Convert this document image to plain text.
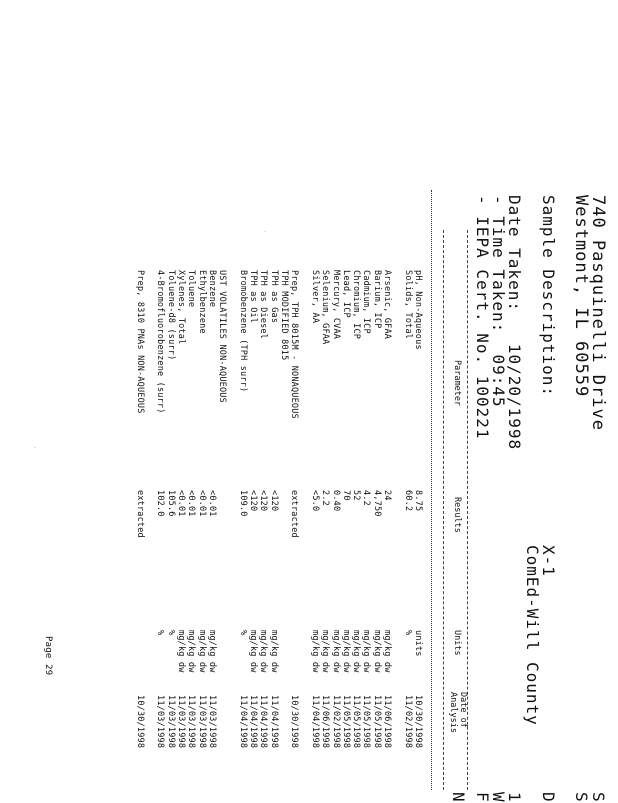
S
S
D
1
W
F
N
740 Pasquinelli Drive
Westmont, IL 60559
Sample Description:
X-1
ComEd-Will County
Date Taken:   10/20/1998
- Time Taken:  09:45
- IEPA Cert. No. 100221
Parameter
Results
Units
Date of Analysis
pH, Non-Aqueous
8.75
units
10/30/1998
Solids, Total
60.2
%
11/02/1998
Arsenic, GFAA
24
mg/kg dw
11/06/1998
Barium, ICP
4,750
mg/kg dw
11/05/1998
Cadmium, ICP
4.2
mg/kg dw
11/05/1998
Chromium, ICP
52
mg/kg dw
11/05/1998
Lead, ICP
70
mg/kg dw
11/05/1998
Mercury, CVAA
0.40
mg/kg dw
11/02/1998
Selenium, GFAA
2.2
mg/kg dw
11/06/1998
Silver, AA
<5.0
mg/kg dw
11/04/1998
Prep, TPH 8015M - NONAQUEOUS
extracted
10/30/1998
TPH MODIFIED 8015
TPH as Gas
<120
mg/kg dw
11/04/1998
TPH as Diesel
<120
mg/kg dw
11/04/1998
TPH as Oil
<120
mg/kg dw
11/04/1998
Bromobenzene (TPH surr)
109.0
%
11/04/1998
UST VOLATILES NON-AQUEOUS
Benzene
<0.01
mg/kg dw
11/03/1998
Ethylbenzene
<0.01
mg/kg dw
11/03/1998
Toluene
<0.01
mg/kg dw
11/03/1998
Xylenes, Total
<0.01
mg/kg dw
11/03/1998
Toluene-d8 (surr)
105.6
%
11/03/1998
4-Bromofluorobenzene (surr)
102.0
%
11/03/1998
Prep, 8310 PNAs NON-AQUEOUS
extracted
10/30/1998
·
·
Page 29
